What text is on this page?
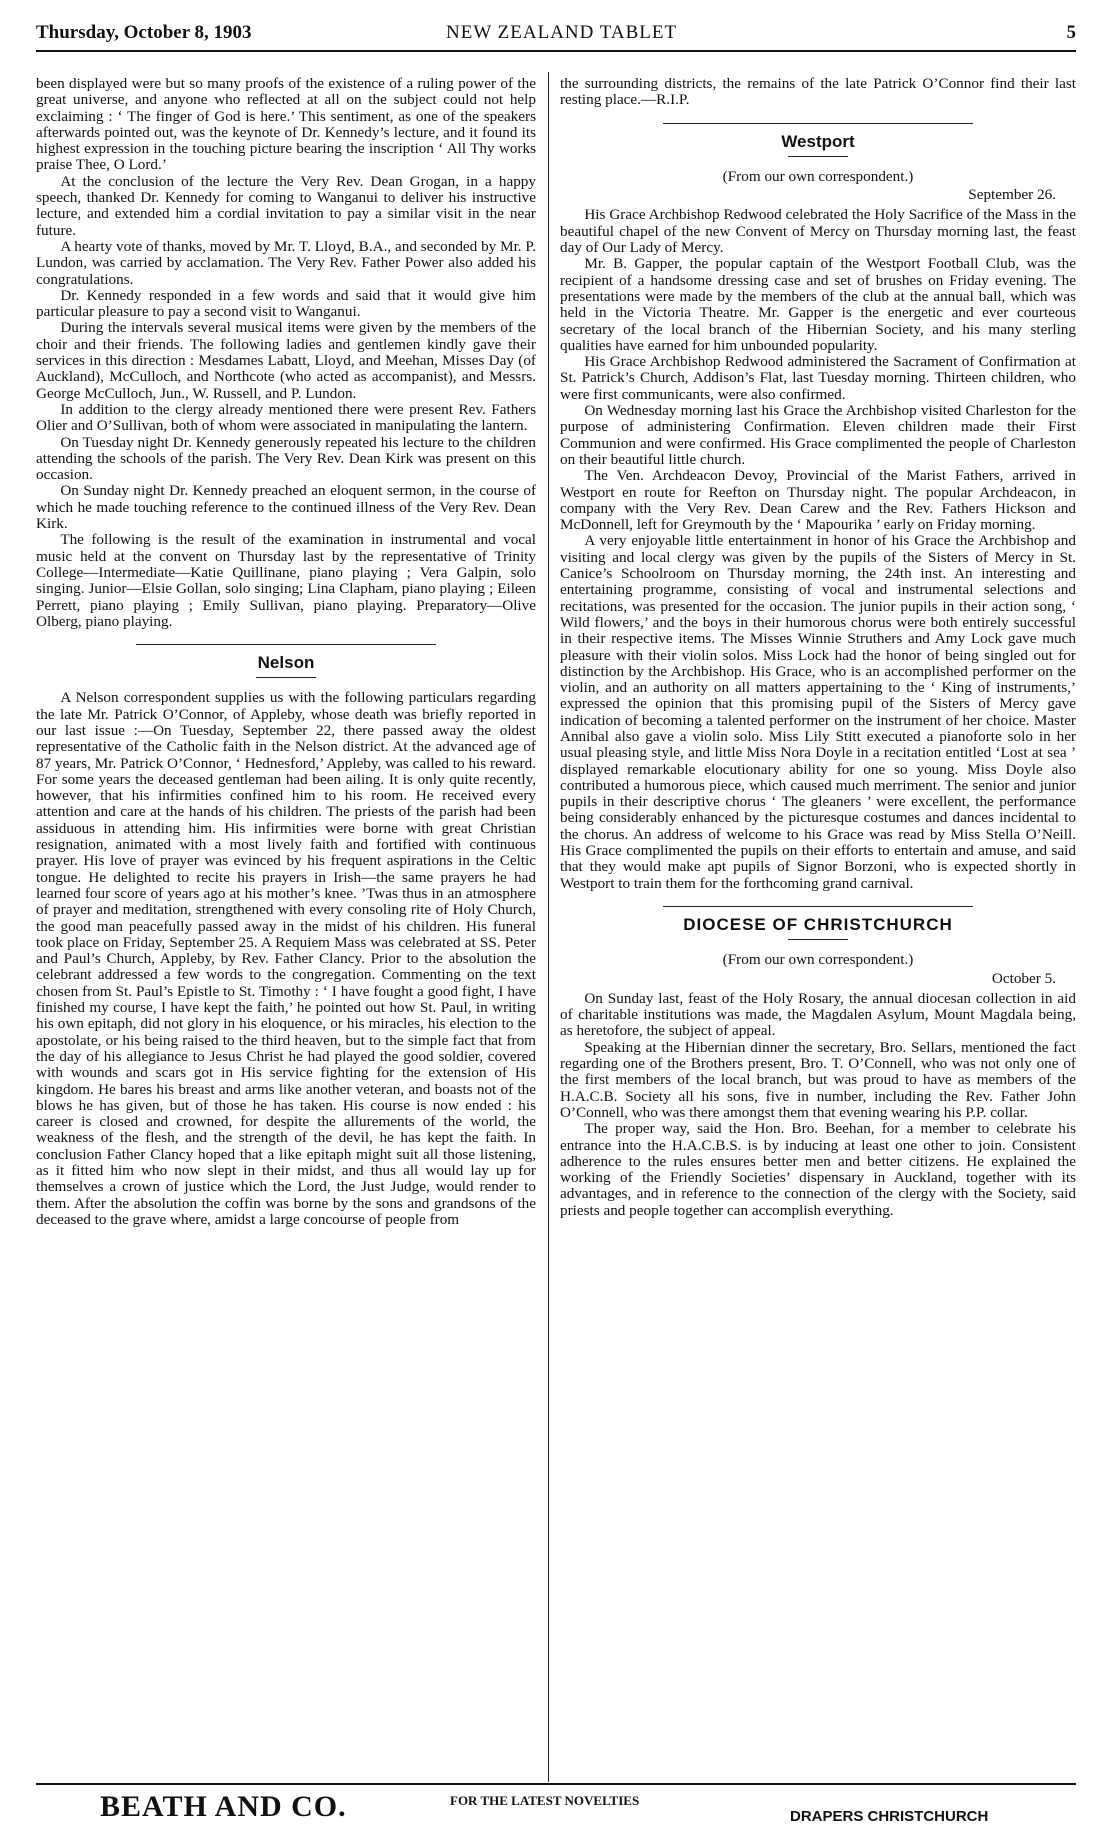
Thursday, October 8, 1903	NEW ZEALAND TABLET	5

been displayed were but so many proofs of the existence of a ruling power of the great universe, and anyone who reflected at all on the subject could not help exclaiming : ‘ The finger of God is here.’ This sentiment, as one of the speakers afterwards pointed out, was the keynote of Dr. Kennedy’s lecture, and it found its highest expression in the touching picture bearing the inscription ‘ All Thy works praise Thee, O Lord.’

At the conclusion of the lecture the Very Rev. Dean Grogan, in a happy speech, thanked Dr. Kennedy for coming to Wanganui to deliver his instructive lecture, and extended him a cordial invitation to pay a similar visit in the near future.

A hearty vote of thanks, moved by Mr. T. Lloyd, B.A., and seconded by Mr. P. Lundon, was carried by acclamation. The Very Rev. Father Power also added his congratulations.

Dr. Kennedy responded in a few words and said that it would give him particular pleasure to pay a second visit to Wanganui.

During the intervals several musical items were given by the members of the choir and their friends. The following ladies and gentlemen kindly gave their services in this direction : Mesdames Labatt, Lloyd, and Meehan, Misses Day (of Auckland), McCulloch, and Northcote (who acted as accompanist), and Messrs. George McCulloch, Jun., W. Russell, and P. Lundon.

In addition to the clergy already mentioned there were present Rev. Fathers Olier and O’Sullivan, both of whom were associated in manipulating the lantern.

On Tuesday night Dr. Kennedy generously repeated his lecture to the children attending the schools of the parish. The Very Rev. Dean Kirk was present on this occasion.

On Sunday night Dr. Kennedy preached an eloquent sermon, in the course of which he made touching reference to the continued illness of the Very Rev. Dean Kirk.

The following is the result of the examination in instrumental and vocal music held at the convent on Thursday last by the representative of Trinity College—Intermediate—Katie Quillinane, piano playing ; Vera Galpin, solo singing. Junior—Elsie Gollan, solo singing; Lina Clapham, piano playing ; Eileen Perrett, piano playing ; Emily Sullivan, piano playing. Preparatory—Olive Olberg, piano playing.

Nelson

A Nelson correspondent supplies us with the following particulars regarding the late Mr. Patrick O’Connor, of Appleby, whose death was briefly reported in our last issue :—On Tuesday, September 22, there passed away the oldest representative of the Catholic faith in the Nelson district. At the advanced age of 87 years, Mr. Patrick O’Connor, ‘ Hednesford,’ Appleby, was called to his reward. For some years the deceased gentleman had been ailing. It is only quite recently, however, that his infirmities confined him to his room. He received every attention and care at the hands of his children. The priests of the parish had been assiduous in attending him. His infirmities were borne with great Christian resignation, animated with a most lively faith and fortified with continuous prayer. His love of prayer was evinced by his frequent aspirations in the Celtic tongue. He delighted to recite his prayers in Irish—the same prayers he had learned four score of years ago at his mother’s knee. ’Twas thus in an atmosphere of prayer and meditation, strengthened with every consoling rite of Holy Church, the good man peacefully passed away in the midst of his children. His funeral took place on Friday, September 25. A Requiem Mass was celebrated at SS. Peter and Paul’s Church, Appleby, by Rev. Father Clancy. Prior to the absolution the celebrant addressed a few words to the congregation. Commenting on the text chosen from St. Paul’s Epistle to St. Timothy : ‘ I have fought a good fight, I have finished my course, I have kept the faith,’ he pointed out how St. Paul, in writing his own epitaph, did not glory in his eloquence, or his miracles, his election to the apostolate, or his being raised to the third heaven, but to the simple fact that from the day of his allegiance to Jesus Christ he had played the good soldier, covered with wounds and scars got in His service fighting for the extension of His kingdom. He bares his breast and arms like another veteran, and boasts not of the blows he has given, but of those he has taken. His course is now ended : his career is closed and crowned, for despite the allurements of the world, the weakness of the flesh, and the strength of the devil, he has kept the faith. In conclusion Father Clancy hoped that a like epitaph might suit all those listening, as it fitted him who now slept in their midst, and thus all would lay up for themselves a crown of justice which the Lord, the Just Judge, would render to them. After the absolution the coffin was borne by the sons and grandsons of the deceased to the grave where, amidst a large concourse of people from

the surrounding districts, the remains of the late Patrick O’Connor find their last resting place.—R.I.P.

Westport
(From our own correspondent.)
September 26.

His Grace Archbishop Redwood celebrated the Holy Sacrifice of the Mass in the beautiful chapel of the new Convent of Mercy on Thursday morning last, the feast day of Our Lady of Mercy.

Mr. B. Gapper, the popular captain of the Westport Football Club, was the recipient of a handsome dressing case and set of brushes on Friday evening. The presentations were made by the members of the club at the annual ball, which was held in the Victoria Theatre. Mr. Gapper is the energetic and ever courteous secretary of the local branch of the Hibernian Society, and his many sterling qualities have earned for him unbounded popularity.

His Grace Archbishop Redwood administered the Sacrament of Confirmation at St. Patrick’s Church, Addison’s Flat, last Tuesday morning. Thirteen children, who were first communicants, were also confirmed.

On Wednesday morning last his Grace the Archbishop visited Charleston for the purpose of administering Confirmation. Eleven children made their First Communion and were confirmed. His Grace complimented the people of Charleston on their beautiful little church.

The Ven. Archdeacon Devoy, Provincial of the Marist Fathers, arrived in Westport en route for Reefton on Thursday night. The popular Archdeacon, in company with the Very Rev. Dean Carew and the Rev. Fathers Hickson and McDonnell, left for Greymouth by the ‘ Mapourika ’ early on Friday morning.

A very enjoyable little entertainment in honor of his Grace the Archbishop and visiting and local clergy was given by the pupils of the Sisters of Mercy in St. Canice’s Schoolroom on Thursday morning, the 24th inst. An interesting and entertaining programme, consisting of vocal and instrumental selections and recitations, was presented for the occasion. The junior pupils in their action song, ‘ Wild flowers,’ and the boys in their humorous chorus were both entirely successful in their respective items. The Misses Winnie Struthers and Amy Lock gave much pleasure with their violin solos. Miss Lock had the honor of being singled out for distinction by the Archbishop. His Grace, who is an accomplished performer on the violin, and an authority on all matters appertaining to the ‘ King of instruments,’ expressed the opinion that this promising pupil of the Sisters of Mercy gave indication of becoming a talented performer on the instrument of her choice. Master Annibal also gave a violin solo. Miss Lily Stitt executed a pianoforte solo in her usual pleasing style, and little Miss Nora Doyle in a recitation entitled ‘Lost at sea ’ displayed remarkable elocutionary ability for one so young. Miss Doyle also contributed a humorous piece, which caused much merriment. The senior and junior pupils in their descriptive chorus ‘ The gleaners ’ were excellent, the performance being considerably enhanced by the picturesque costumes and dances incidental to the chorus. An address of welcome to his Grace was read by Miss Stella O’Neill. His Grace complimented the pupils on their efforts to entertain and amuse, and said that they would make apt pupils of Signor Borzoni, who is expected shortly in Westport to train them for the forthcoming grand carnival.

DIOCESE OF CHRISTCHURCH
(From our own correspondent.)
October 5.

On Sunday last, feast of the Holy Rosary, the annual diocesan collection in aid of charitable institutions was made, the Magdalen Asylum, Mount Magdala being, as heretofore, the subject of appeal.

Speaking at the Hibernian dinner the secretary, Bro. Sellars, mentioned the fact regarding one of the Brothers present, Bro. T. O’Connell, who was not only one of the first members of the local branch, but was proud to have as members of the H.A.C.B. Society all his sons, five in number, including the Rev. Father John O’Connell, who was there amongst them that evening wearing his P.P. collar.

The proper way, said the Hon. Bro. Beehan, for a member to celebrate his entrance into the H.A.C.B.S. is by inducing at least one other to join. Consistent adherence to the rules ensures better men and better citizens. He explained the working of the Friendly Societies’ dispensary in Auckland, together with its advantages, and in reference to the connection of the clergy with the Society, said priests and people together can accomplish everything.

BEATH AND CO.	FOR THE LATEST NOVELTIES
DRAPERS CHRISTCHURCH
